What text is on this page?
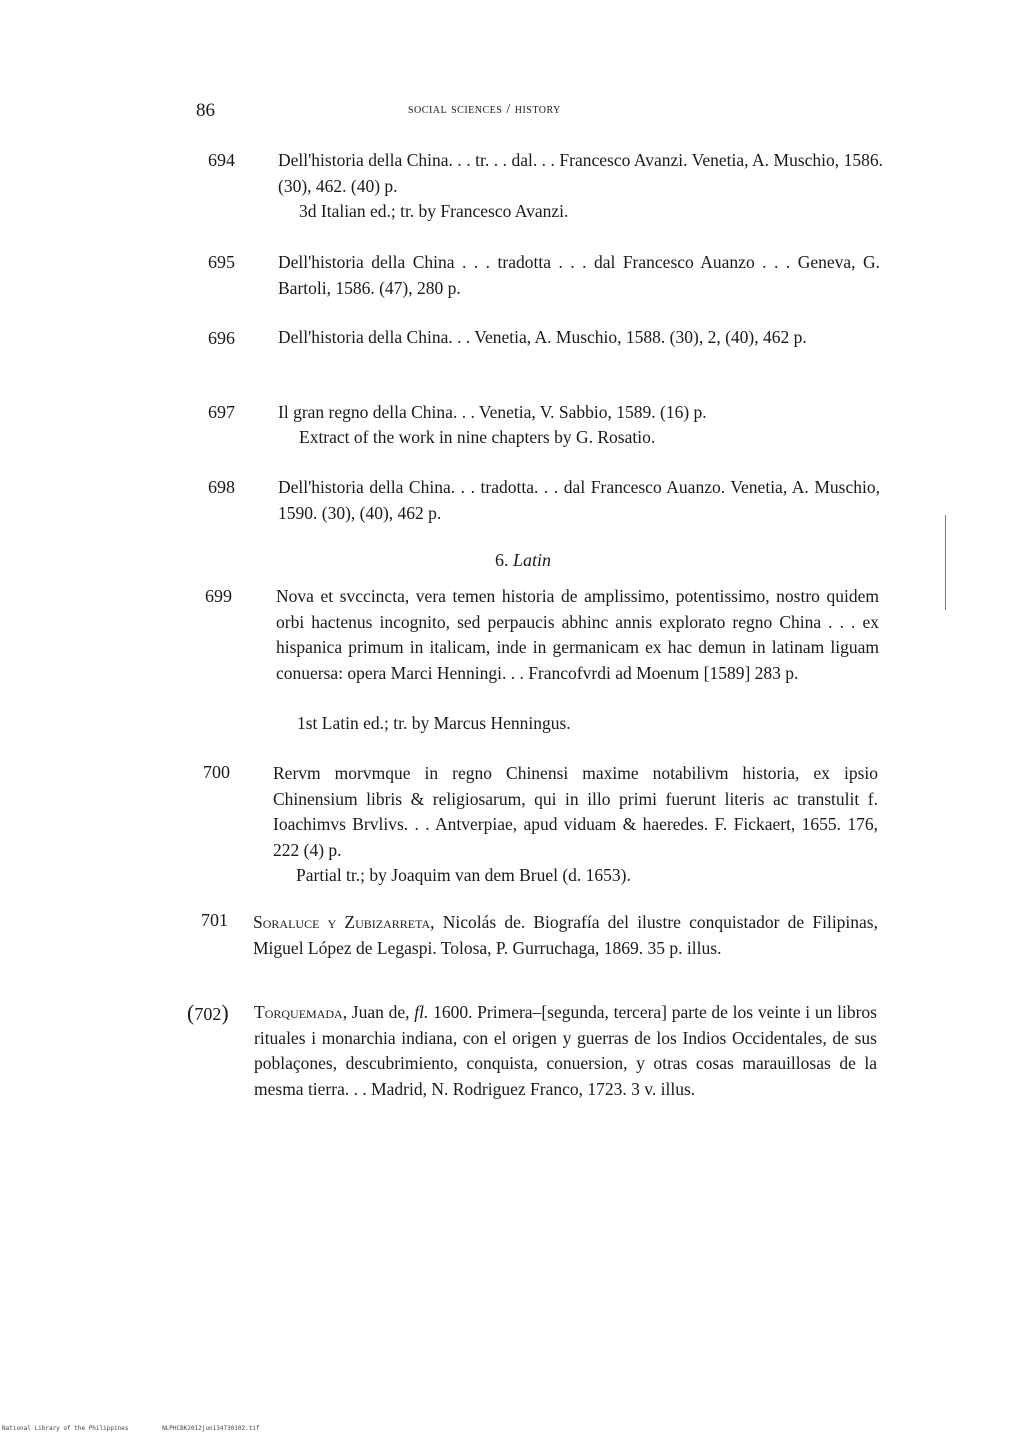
86	social sciences / history
694 Dell'historia della China. . . tr. . . dal. . . Francesco Avanzi. Venetia, A. Muschio, 1586. (30), 462. (40) p.
3d Italian ed.; tr. by Francesco Avanzi.
695 Dell'historia della China . . . tradotta . . . dal Francesco Auanzo . . . Geneva, G. Bartoli, 1586. (47), 280 p.
696 Dell'historia della China. . . Venetia, A. Muschio, 1588. (30), 2, (40), 462 p.
697 Il gran regno della China. . . Venetia, V. Sabbio, 1589. (16) p.
Extract of the work in nine chapters by G. Rosatio.
698 Dell'historia della China. . . tradotta. . . dal Francesco Auanzo. Venetia, A. Muschio, 1590. (30), (40), 462 p.
6. Latin
699	Nova et svccincta, vera temen historia de amplissimo, potentissimo, nostro quidem orbi hactenus incognito, sed perpaucis abhinc annis explorato regno China . . . ex hispanica primum in italicam, inde in germanicam ex hac demun in latinam liguam conuersa: opera Marci Henningi. . . Francofvrdi ad Moenum [1589] 283 p.
1st Latin ed.; tr. by Marcus Henningus.
700 Rervm morvmque in regno Chinensi maxime notabilivm historia, ex ipsio Chinensium libris & religiosarum, qui in illo primi fuerunt literis ac transtulit f. Ioachimvs Brvlivs. . . Antverpiae, apud viduam & haeredes. F. Fickaert, 1655. 176, 222 (4) p.
Partial tr.; by Joaquim van dem Bruel (d. 1653).
701 Soraluce y Zubizarreta, Nicolás de. Biografía del ilustre conquistador de Filipinas, Miguel López de Legaspi. Tolosa, P. Gurruchaga, 1869. 35 p. illus.
(702) Torquemada, Juan de, fl. 1600. Primera–[segunda, tercera] parte de los veinte i un libros rituales i monarchia indiana, con el origen y guerras de los Indios Occidentales, de sus poblaçones, descubrimiento, conquista, conuersion, y otras cosas marauillosas de la mesma tierra. . . Madrid, N. Rodriguez Franco, 1723. 3 v. illus.
National Library of the Philippines	NLPHCBK2012jun134730102.tif
